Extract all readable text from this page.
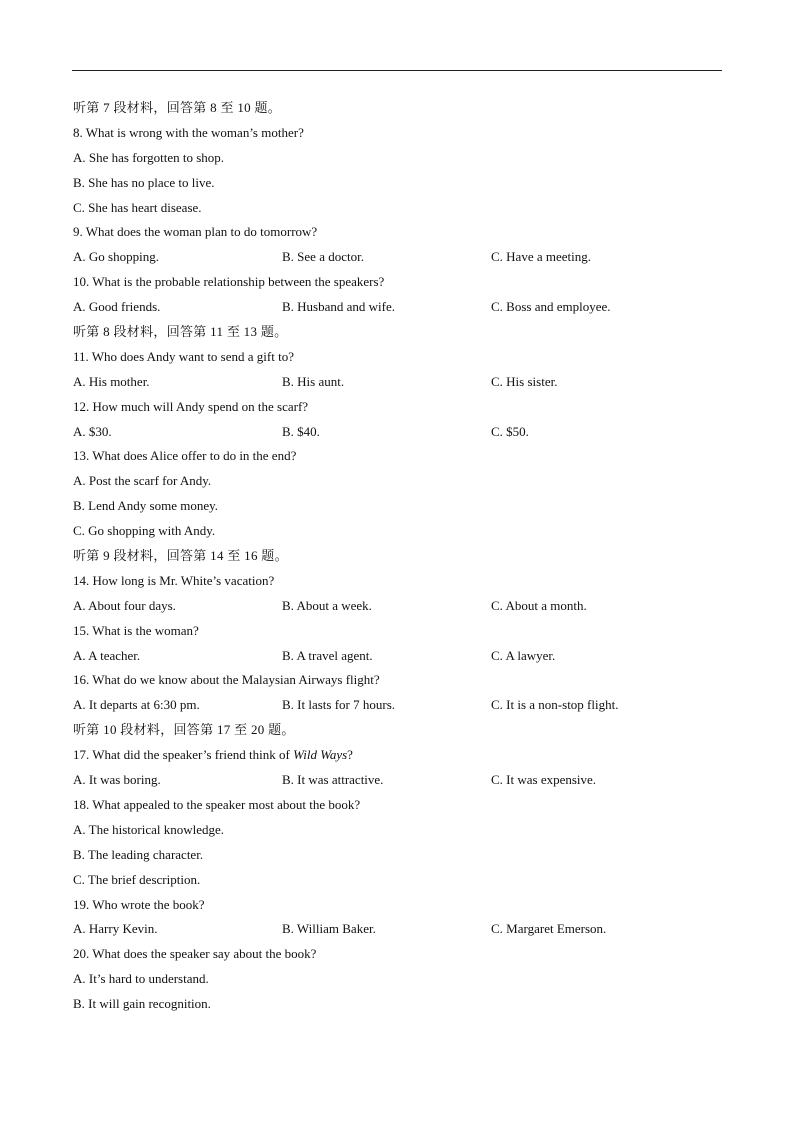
听第 7 段材料，回答第 8 至 10 题。
8. What is wrong with the woman’s mother?
A. She has forgotten to shop.
B. She has no place to live.
C. She has heart disease.
9. What does the woman plan to do tomorrow?
A. Go shopping.	B. See a doctor.	C. Have a meeting.
10. What is the probable relationship between the speakers?
A. Good friends.	B. Husband and wife.	C. Boss and employee.
听第 8 段材料，回答第 11 至 13 题。
11. Who does Andy want to send a gift to?
A. His mother.	B. His aunt.	C. His sister.
12. How much will Andy spend on the scarf?
A. $30.	B. $40.	C. $50.
13. What does Alice offer to do in the end?
A. Post the scarf for Andy.
B. Lend Andy some money.
C. Go shopping with Andy.
听第 9 段材料，回答第 14 至 16 题。
14. How long is Mr. White’s vacation?
A. About four days.	B. About a week.	C. About a month.
15. What is the woman?
A. A teacher.	B. A travel agent.	C. A lawyer.
16. What do we know about the Malaysian Airways flight?
A. It departs at 6:30 pm.	B. It lasts for 7 hours.	C. It is a non-stop flight.
听第 10 段材料，回答第 17 至 20 题。
17. What did the speaker’s friend think of Wild Ways?
A. It was boring.	B. It was attractive.	C. It was expensive.
18. What appealed to the speaker most about the book?
A. The historical knowledge.
B. The leading character.
C. The brief description.
19. Who wrote the book?
A. Harry Kevin.	B. William Baker.	C. Margaret Emerson.
20. What does the speaker say about the book?
A. It’s hard to understand.
B. It will gain recognition.
